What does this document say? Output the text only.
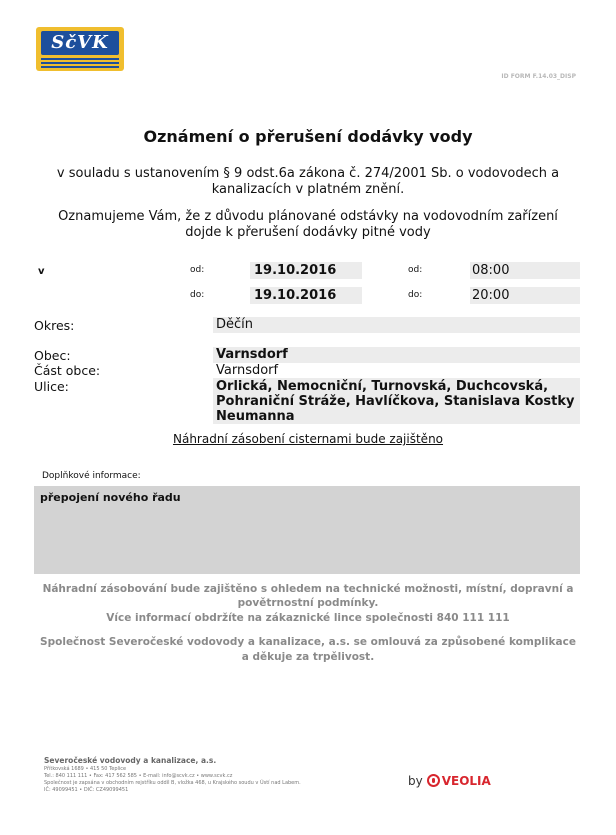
SčVK
ID FORM F.14.03_DISP
Oznámení o přerušení dodávky vody
v souladu s ustanovením § 9 odst.6a zákona č. 274/2001 Sb. o vodovodech a
kanalizacích v platném znění.
Oznamujeme Vám, že z důvodu plánované odstávky na vodovodním zařízení
dojde k přerušení dodávky pitné vody
v	od:	19.10.2016	od:	08:00
do:	19.10.2016	do:	20:00
Okres:	Děčín
Obec:	Varnsdorf
Část obce:	Varnsdorf
Ulice:	Orlická, Nemocniční, Turnovská, Duchcovská,
Pohraniční Stráže, Havlíčkova, Stanislava Kostky
Neumanna
Náhradní zásobení cisternami bude zajištěno
Doplňkové informace:
přepojení nového řadu
Náhradní zásobování bude zajištěno s ohledem na technické možnosti, místní, dopravní a
povětrnostní podmínky.
Více informací obdržíte na zákaznické lince společnosti 840 111 111
Společnost Severočeské vodovody a kanalizace, a.s. se omlouvá za způsobené komplikace
a děkuje za trpělivost.
Severočeské vodovody a kanalizace, a.s.
Přítkovská 1689 • 415 50 Teplice
Tel.: 840 111 111 • Fax: 417 562 585 • E-mail: info@scvk.cz • www.scvk.cz
Společnost je zapsána v obchodním rejstříku oddíl B, vložka 468, u Krajského soudu v Ústí nad Labem.
IČ: 49099451 • DIČ: CZ49099451
by VEOLIA
